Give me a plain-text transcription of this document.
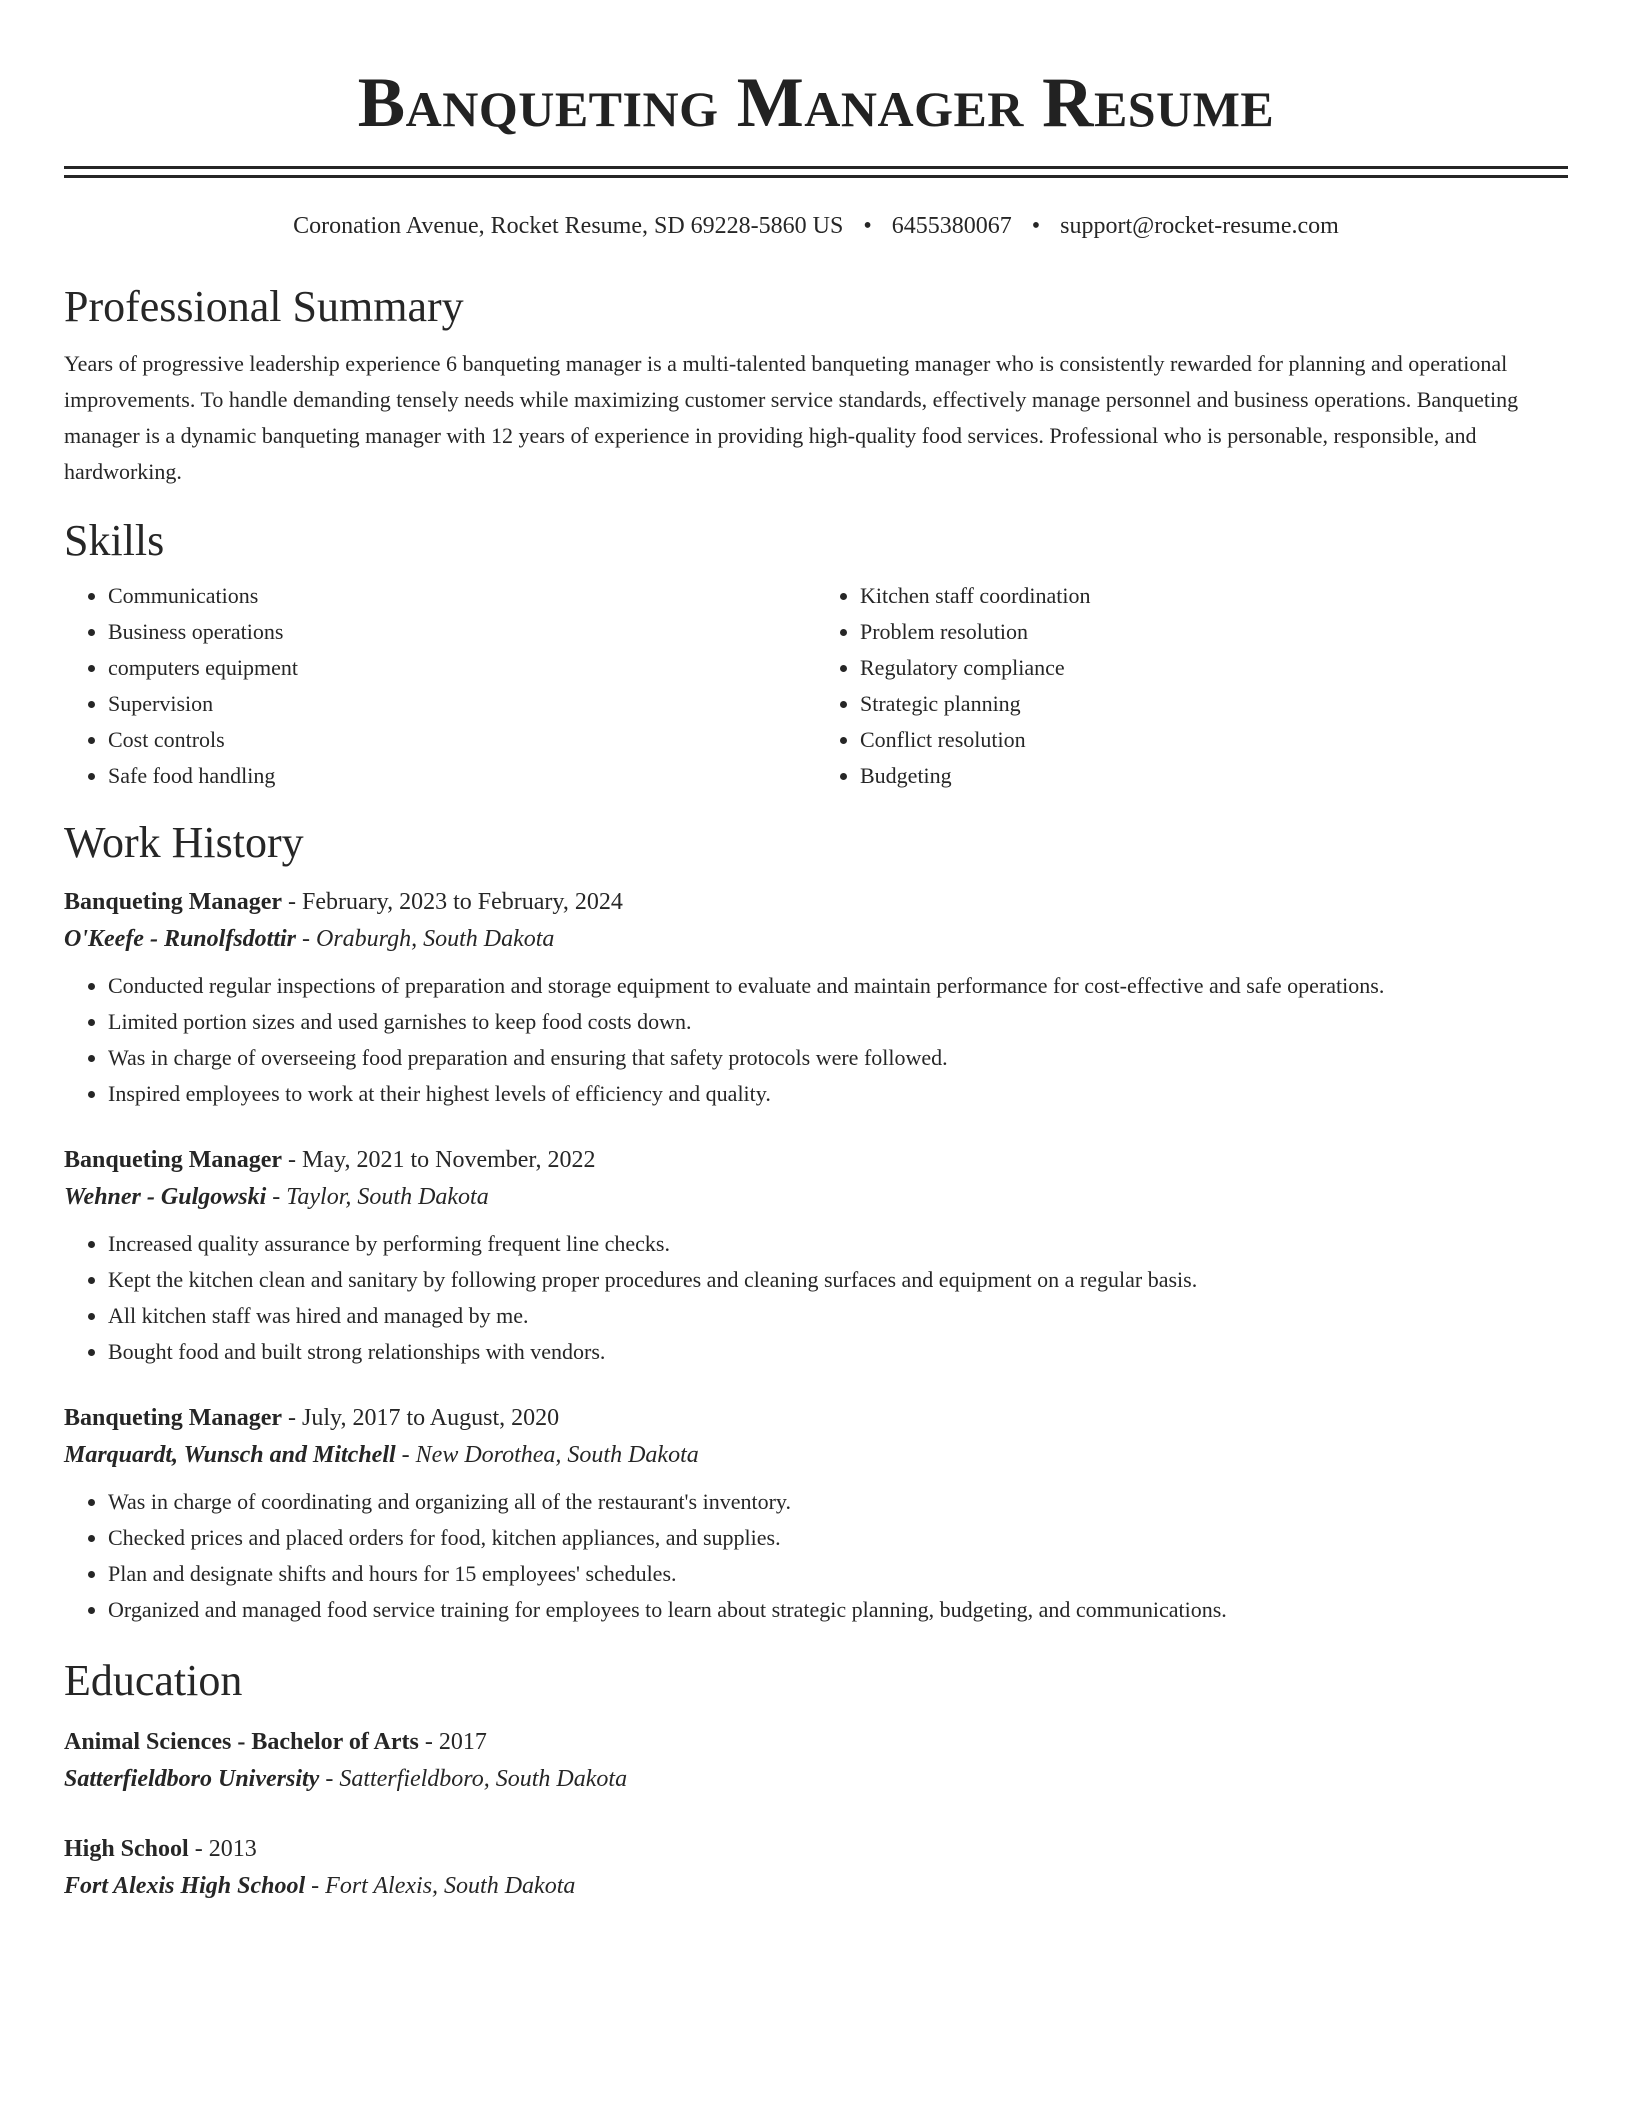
Banqueting Manager Resume
Coronation Avenue, Rocket Resume, SD 69228-5860 US • 6455380067 • support@rocket-resume.com
Professional Summary

Years of progressive leadership experience 6 banqueting manager is a multi-talented banqueting manager who is consistently rewarded for planning and operational improvements. To handle demanding tensely needs while maximizing customer service standards, effectively manage personnel and business operations. Banqueting manager is a dynamic banqueting manager with 12 years of experience in providing high-quality food services. Professional who is personable, responsible, and hardworking.

Skills
• Communications
• Business operations
• computers equipment
• Supervision
• Cost controls
• Safe food handling
• Kitchen staff coordination
• Problem resolution
• Regulatory compliance
• Strategic planning
• Conflict resolution
• Budgeting
Work History

Banqueting Manager - February, 2023 to February, 2024

O'Keefe - Runolfsdottir - Oraburgh, South Dakota

• Conducted regular inspections of preparation and storage equipment to evaluate and maintain performance for cost-effective and safe operations.
• Limited portion sizes and used garnishes to keep food costs down.
• Was in charge of overseeing food preparation and ensuring that safety protocols were followed.
• Inspired employees to work at their highest levels of efficiency and quality.

Banqueting Manager - May, 2021 to November, 2022

Wehner - Gulgowski - Taylor, South Dakota

• Increased quality assurance by performing frequent line checks.
• Kept the kitchen clean and sanitary by following proper procedures and cleaning surfaces and equipment on a regular basis.
• All kitchen staff was hired and managed by me.
• Bought food and built strong relationships with vendors.

Banqueting Manager - July, 2017 to August, 2020

Marquardt, Wunsch and Mitchell - New Dorothea, South Dakota

• Was in charge of coordinating and organizing all of the restaurant's inventory.
• Checked prices and placed orders for food, kitchen appliances, and supplies.
• Plan and designate shifts and hours for 15 employees' schedules.
• Organized and managed food service training for employees to learn about strategic planning, budgeting, and communications.
Education

Animal Sciences - Bachelor of Arts - 2017

Satterfieldboro University - Satterfieldboro, South Dakota

High School - 2013

Fort Alexis High School - Fort Alexis, South Dakota
